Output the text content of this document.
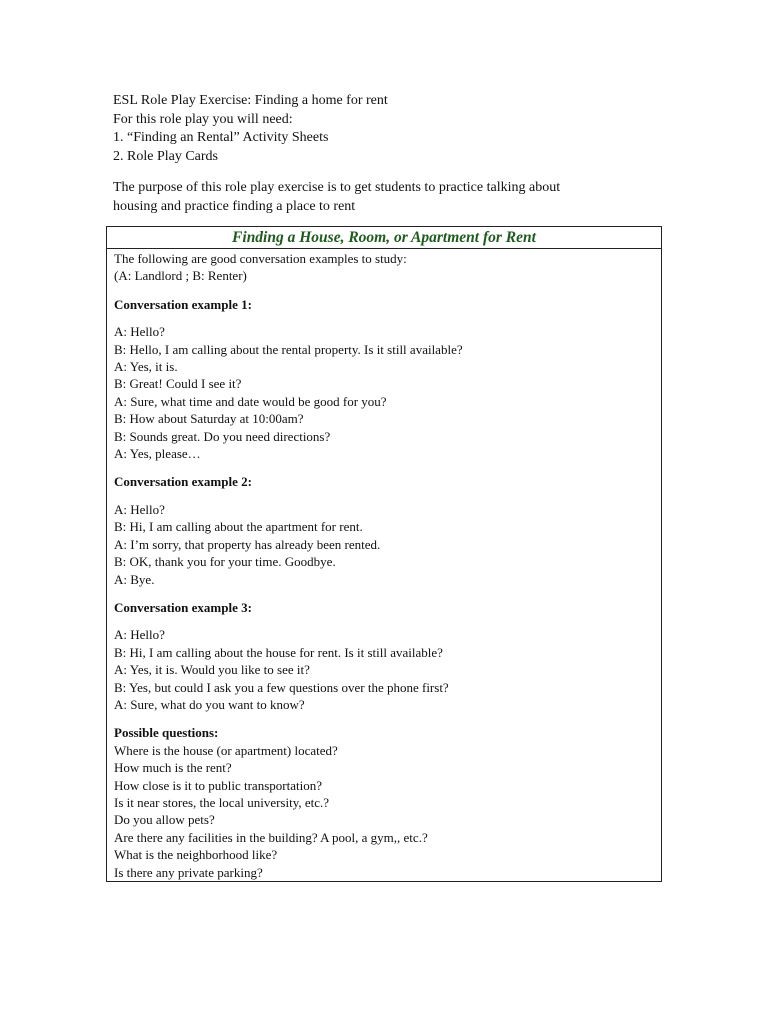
ESL Role Play Exercise: Finding a home for rent
For this role play you will need:
1. “Finding an Rental” Activity Sheets
2. Role Play Cards
The purpose of this role play exercise is to get students to practice talking about
housing and practice finding a place to rent
Finding a House, Room, or Apartment for Rent
The following are good conversation examples to study:
(A: Landlord ; B: Renter)
Conversation example 1:
A: Hello?
B: Hello, I am calling about the rental property. Is it still available?
A: Yes, it is.
B: Great! Could I see it?
A: Sure, what time and date would be good for you?
B: How about Saturday at 10:00am?
B: Sounds great. Do you need directions?
A: Yes, please…
Conversation example 2:
A: Hello?
B: Hi, I am calling about the apartment for rent.
A: I’m sorry, that property has already been rented.
B: OK, thank you for your time. Goodbye.
A: Bye.
Conversation example 3:
A: Hello?
B: Hi, I am calling about the house for rent. Is it still available?
A: Yes, it is. Would you like to see it?
B: Yes, but could I ask you a few questions over the phone first?
A: Sure, what do you want to know?
Possible questions:
Where is the house (or apartment) located?
How much is the rent?
How close is it to public transportation?
Is it near stores, the local university, etc.?
Do you allow pets?
Are there any facilities in the building? A pool, a gym,, etc.?
What is the neighborhood like?
Is there any private parking?
